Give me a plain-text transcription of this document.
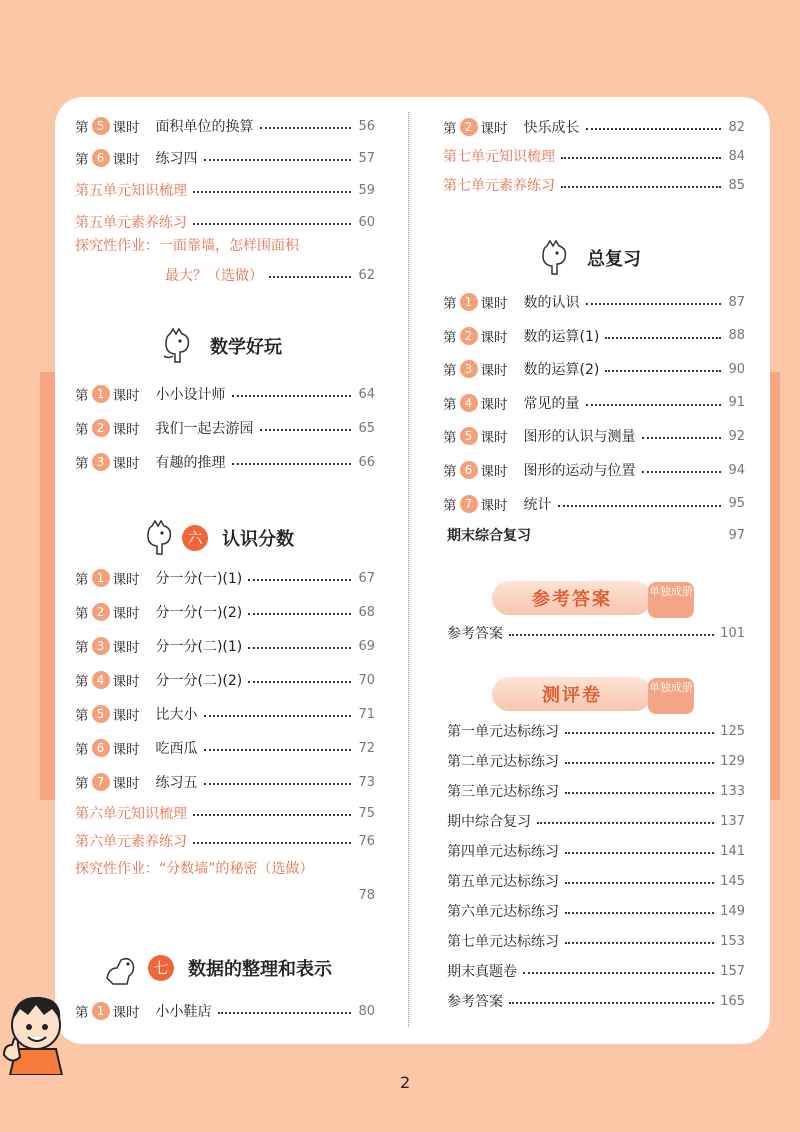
第 5 课时 面积单位的换算	56
第 6 课时 练习四	57
第五单元知识梳理	59
第五单元素养练习	60
探究性作业：一面靠墙，怎样围面积
最大？（选做）	62
数学好玩
第 1 课时 小小设计师	64
第 2 课时 我们一起去游园	65
第 3 课时 有趣的推理	66
六	认识分数
第 1 课时 分一分(一)(1)	67
第 2 课时 分一分(一)(2)	68
第 3 课时 分一分(二)(1)	69
第 4 课时 分一分(二)(2)	70
第 5 课时 比大小	71
第 6 课时 吃西瓜	72
第 7 课时 练习五	73
第六单元知识梳理	75
第六单元素养练习	76
探究性作业：“分数墙”的秘密（选做）
78
七	数据的整理和表示
第 1 课时 小小鞋店	80
第 2 课时 快乐成长	82
第七单元知识梳理	84
第七单元素养练习	85
总复习
第 1 课时 数的认识	87
第 2 课时 数的运算(1)	88
第 3 课时 数的运算(2)	90
第 4 课时 常见的量	91
第 5 课时 图形的认识与测量	92
第 6 课时 图形的运动与位置	94
第 7 课时 统计	95
期末综合复习	97
参考答案	单独成册
参考答案	101
测评卷	单独成册
第一单元达标练习	125
第二单元达标练习	129
第三单元达标练习	133
期中综合复习	137
第四单元达标练习	141
第五单元达标练习	145
第六单元达标练习	149
第七单元达标练习	153
期末真题卷	157
参考答案	165
2
